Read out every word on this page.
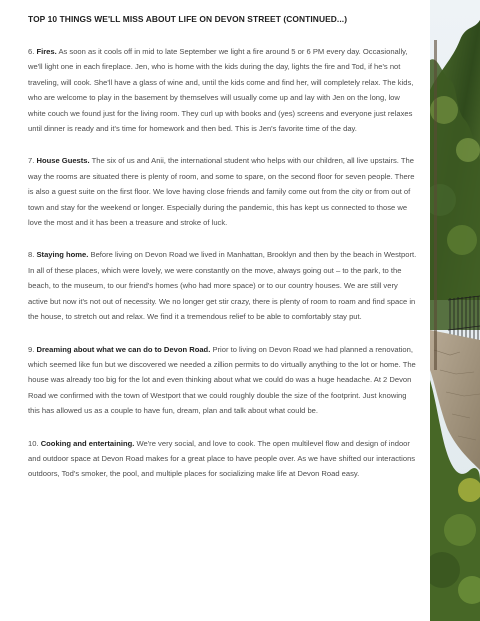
TOP 10 THINGS WE'LL MISS ABOUT LIFE ON DEVON STREET (CONTINUED...)

6. Fires. As soon as it cools off in mid to late September we light a fire around 5 or 6 PM every day. Occasionally, we'll light one in each fireplace. Jen, who is home with the kids during the day, lights the fire and Tod, if he's not traveling, will cook. She'll have a glass of wine and, until the kids come and find her, will completely relax. The kids, who are welcome to play in the basement by themselves will usually come up and lay with Jen on the long, low white couch we found just for the living room. They curl up with books and (yes) screens and everyone just relaxes until dinner is ready and it's time for homework and then bed. This is Jen's favorite time of the day.

7. House Guests. The six of us and Anii, the international student who helps with our children, all live upstairs. The way the rooms are situated there is plenty of room, and some to spare, on the second floor for seven people. There is also a guest suite on the first floor. We love having close friends and family come out from the city or from out of town and stay for the weekend or longer. Especially during the pandemic, this has kept us connected to those we love the most and it has been a treasure and stroke of luck.

8. Staying home. Before living on Devon Road we lived in Manhattan, Brooklyn and then by the beach in Westport. In all of these places, which were lovely, we were constantly on the move, always going out – to the park, to the beach, to the museum, to our friend's homes (who had more space) or to our country houses. We are still very active but now it's not out of necessity. We no longer get stir crazy, there is plenty of room to roam and find space in the house, to stretch out and relax. We find it a tremendous relief to be able to comfortably stay put.

9. Dreaming about what we can do to Devon Road. Prior to living on Devon Road we had planned a renovation, which seemed like fun but we discovered we needed a zillion permits to do virtually anything to the lot or home. The house was already too big for the lot and even thinking about what we could do was a huge headache. At 2 Devon Road we confirmed with the town of Westport that we could roughly double the size of the footprint. Just knowing this has allowed us as a couple to have fun, dream, plan and talk about what could be.

10. Cooking and entertaining. We're very social, and love to cook. The open multilevel flow and design of indoor and outdoor space at Devon Road makes for a great place to have people over. As we have shifted our interactions outdoors, Tod's smoker, the pool, and multiple places for socializing make life at Devon Road easy.
